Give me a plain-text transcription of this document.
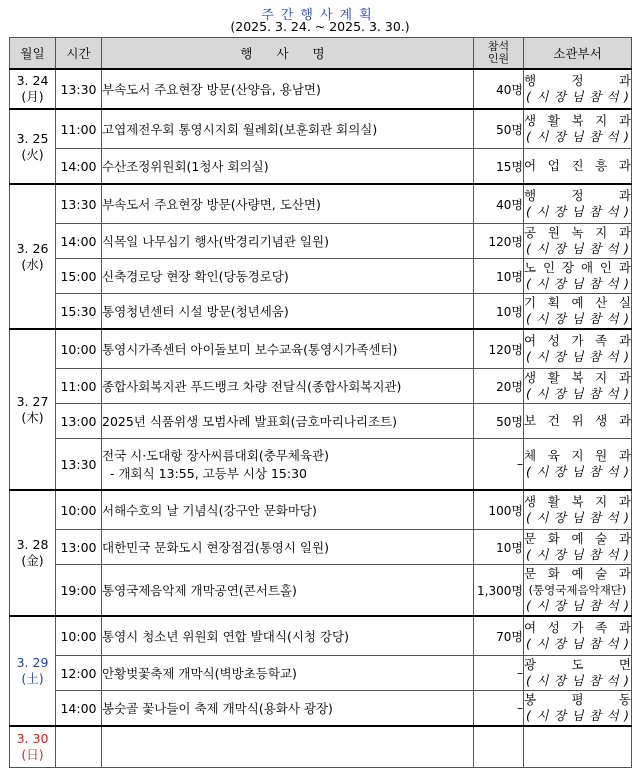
주간행사계획
(2025. 3. 24. ~ 2025. 3. 30.)
월일	시간	행 사 명	참석
인원	소관부서
3. 24
(月)	13:30	부속도서 주요현장 방문(산양읍, 용남면)	40명	행 정 과
( 시 장 님 참 석 )

3. 25
(火)	11:00	고엽제전우회 통영시지회 월례회(보훈회관 회의실)	50명	생 활 복 지 과
( 시 장 님 참 석 )

	14:00	수산조정위원회(1청사 회의실)	15명	어 업 진 흥 과

3. 26
(水)	13:30	부속도서 주요현장 방문(사량면, 도산면)	40명	행 정 과
( 시 장 님 참 석 )

	14:00	식목일 나무심기 행사(박경리기념관 일원)	120명	공 원 녹 지 과
( 시 장 님 참 석 )

	15:00	신축경로당 현장 확인(당동경로당)	10명	노 인 장 애 인 과
( 시 장 님 참 석 )

	15:30	통영청년센터 시설 방문(청년세움)	10명	기 획 예 산 실
( 시 장 님 참 석 )

3. 27
(木)	10:00	통영시가족센터 아이돌보미 보수교육(통영시가족센터)	120명	여 성 가 족 과
( 시 장 님 참 석 )

	11:00	종합사회복지관 푸드뱅크 차량 전달식(종합사회복지관)	20명	생 활 복 지 과
( 시 장 님 참 석 )

	13:00	2025년 식품위생 모범사례 발표회(금호마리나리조트)	50명	보 건 위 생 과

	13:30	전국 시·도대항 장사씨름대회(충무체육관)
- 개회식 13:55, 고등부 시상 15:30	–	체 육 지 원 과
( 시 장 님 참 석 )

3. 28
(金)	10:00	서해수호의 날 기념식(강구안 문화마당)	100명	생 활 복 지 과
( 시 장 님 참 석 )

	13:00	대한민국 문화도시 현장점검(통영시 일원)	10명	문 화 예 술 과
( 시 장 님 참 석 )

	19:00	통영국제음악제 개막공연(콘서트홀)	1,300명	문 화 예 술 과
(통영국제음악재단)
( 시 장 님 참 석 )

3. 29
(土)	10:00	통영시 청소년 위원회 연합 발대식(시청 강당)	70명	여 성 가 족 과
( 시 장 님 참 석 )

	12:00	안황벚꽃축제 개막식(벽방초등학교)	–	광 도 면
( 시 장 님 참 석 )

	14:00	봉숫골 꽃나들이 축제 개막식(용화사 광장)	–	봉 평 동
( 시 장 님 참 석 )

3. 30
(日)				
